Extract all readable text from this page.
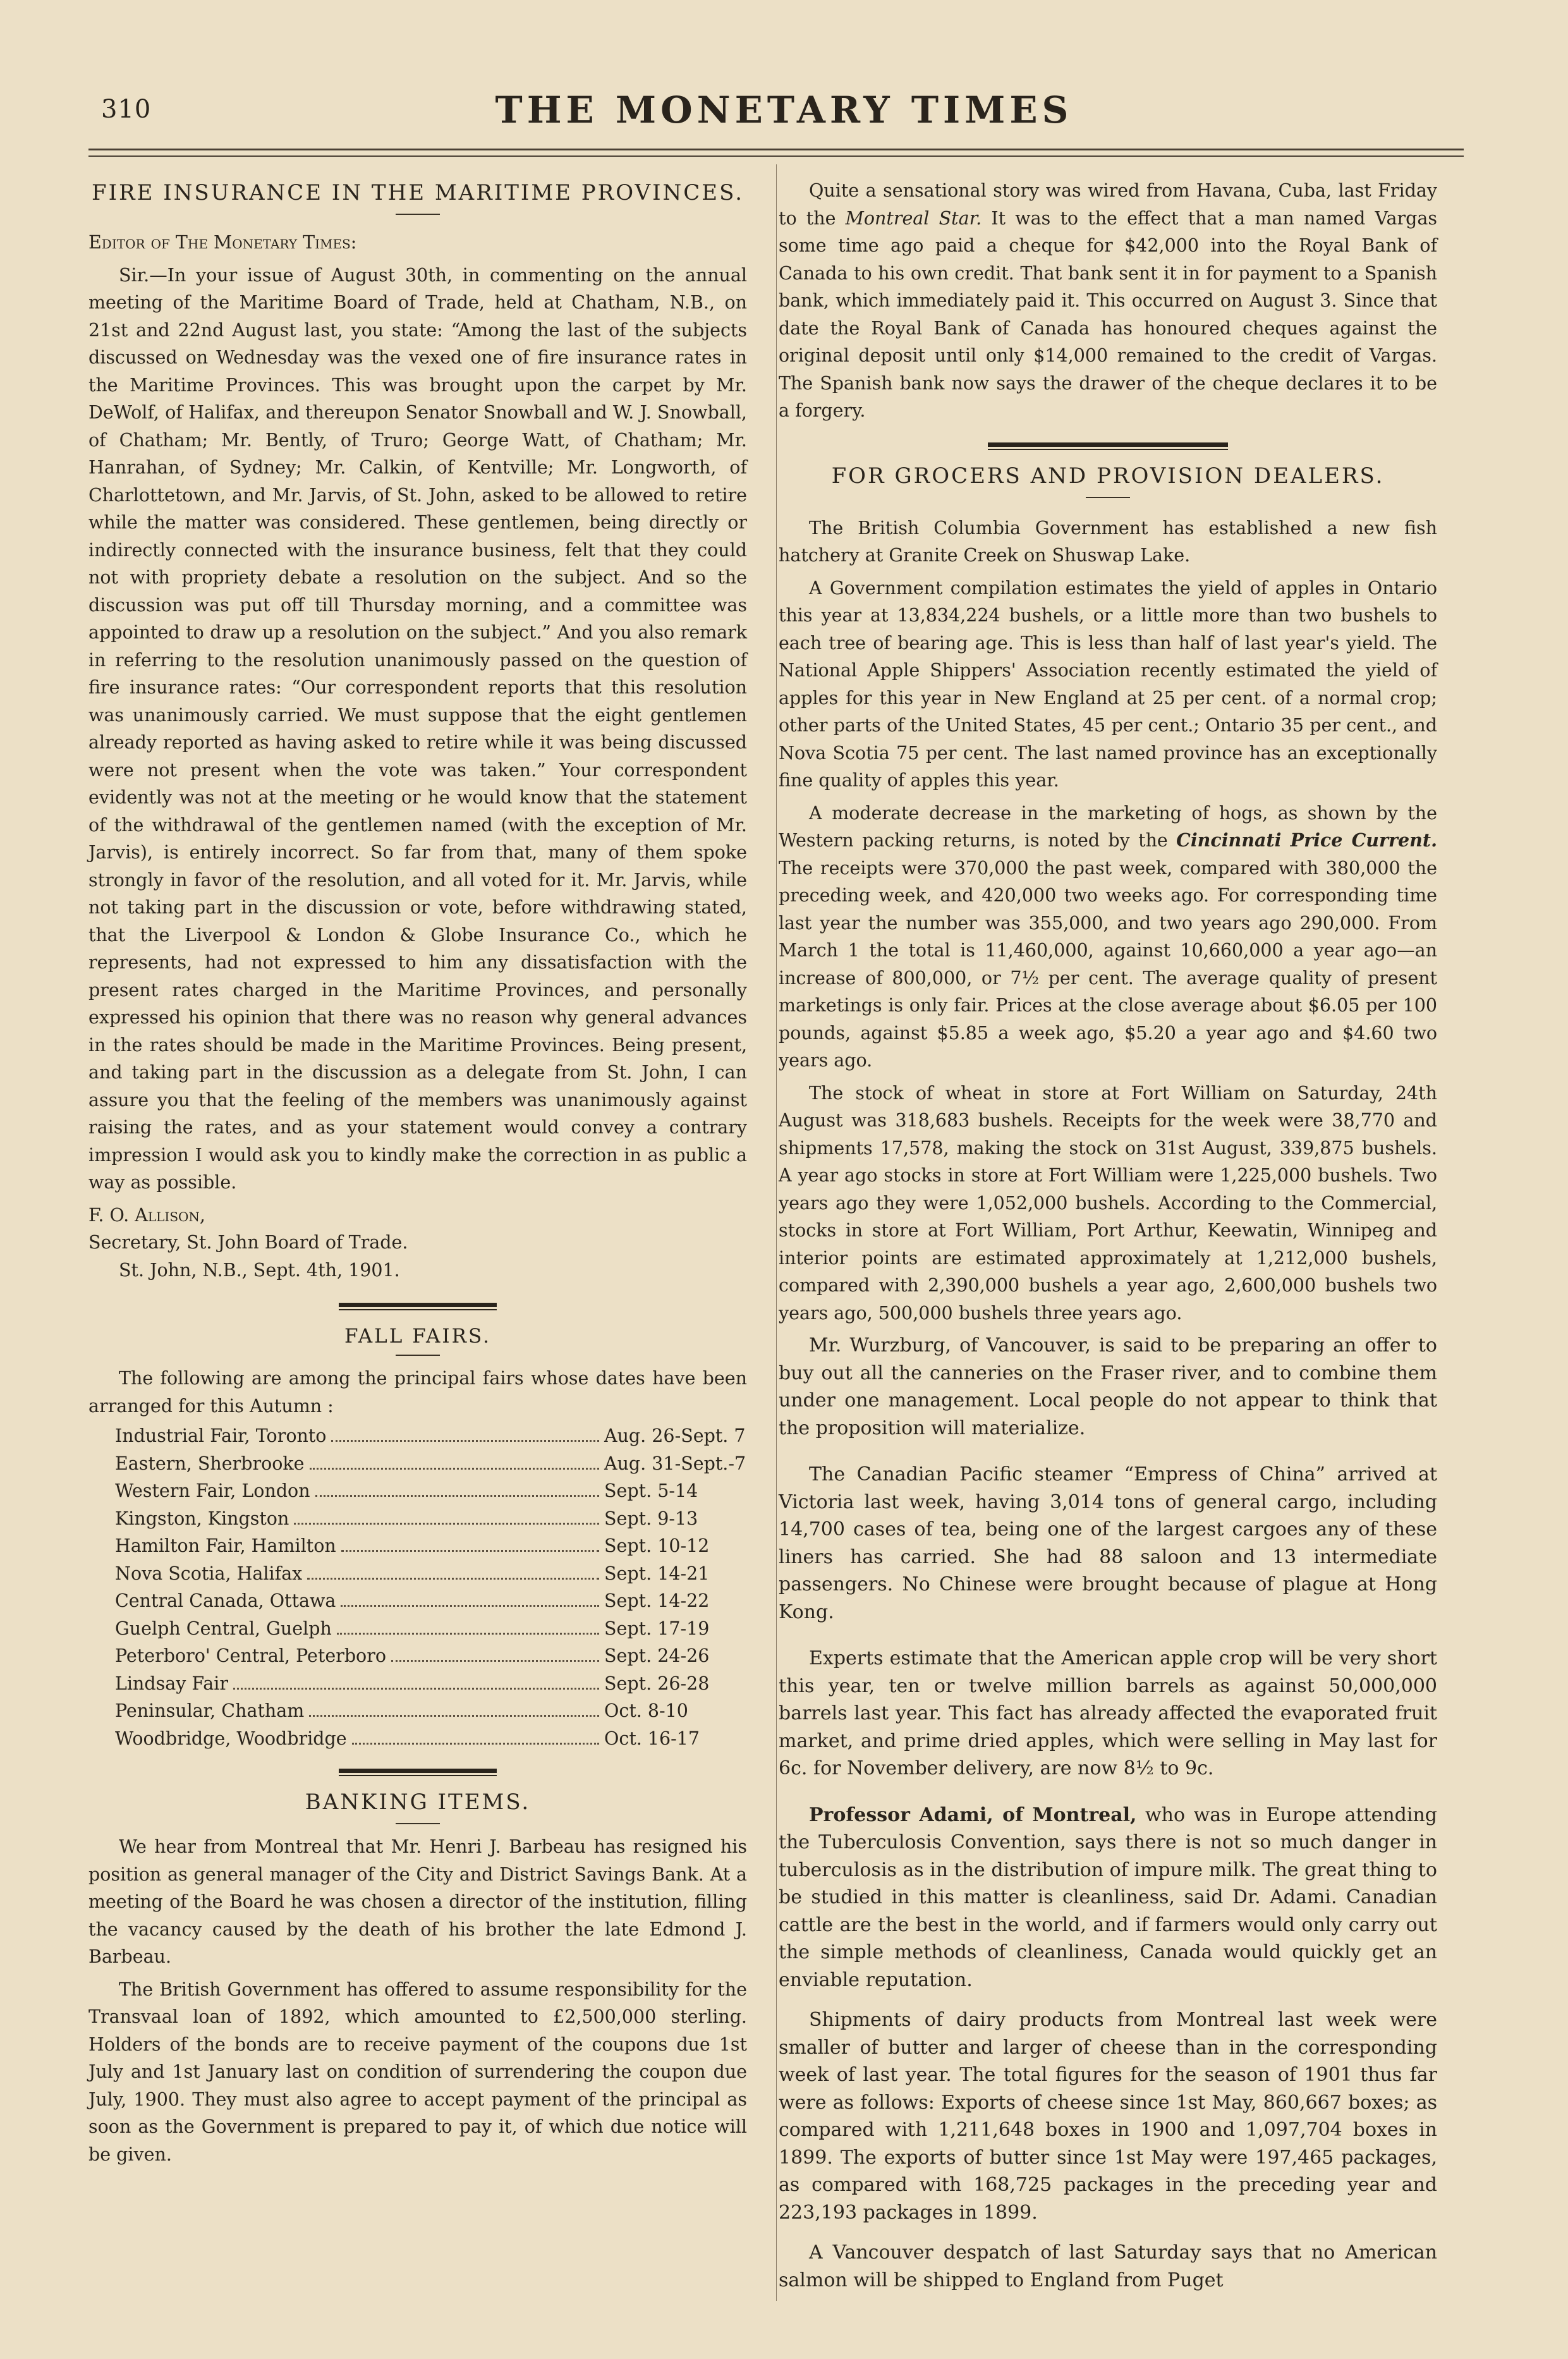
310	THE MONETARY TIMES
FIRE INSURANCE IN THE MARITIME PROVINCES.

Editor of The Monetary Times:

Sir.—In your issue of August 30th, in commenting on the annual meeting of the Maritime Board of Trade, held at Chatham, N.B., on 21st and 22nd August last, you state: “Among the last of the subjects discussed on Wednesday was the vexed one of fire insurance rates in the Maritime Provinces. This was brought upon the carpet by Mr. DeWolf, of Halifax, and thereupon Senator Snowball and W. J. Snowball, of Chatham; Mr. Bently, of Truro; George Watt, of Chatham; Mr. Hanrahan, of Sydney; Mr. Calkin, of Kentville; Mr. Longworth, of Charlottetown, and Mr. Jarvis, of St. John, asked to be allowed to retire while the matter was considered. These gentlemen, being directly or indirectly connected with the insurance business, felt that they could not with propriety debate a resolution on the subject. And so the discussion was put off till Thursday morning, and a committee was appointed to draw up a resolution on the subject.” And you also remark in referring to the resolution unanimously passed on the question of fire insurance rates: “Our correspondent reports that this resolution was unanimously carried. We must suppose that the eight gentlemen already reported as having asked to retire while it was being discussed were not present when the vote was taken.” Your correspondent evidently was not at the meeting or he would know that the statement of the withdrawal of the gentlemen named (with the exception of Mr. Jarvis), is entirely incorrect. So far from that, many of them spoke strongly in favor of the resolution, and all voted for it. Mr. Jarvis, while not taking part in the discussion or vote, before withdrawing stated, that the Liverpool & London & Globe Insurance Co., which he represents, had not expressed to him any dissatisfaction with the present rates charged in the Maritime Provinces, and personally expressed his opinion that there was no reason why general advances in the rates should be made in the Maritime Provinces. Being present, and taking part in the discussion as a delegate from St. John, I can assure you that the feeling of the members was unanimously against raising the rates, and as your statement would convey a contrary impression I would ask you to kindly make the correction in as public a way as possible.

F. O. Allison,

Secretary, St. John Board of Trade.

St. John, N.B., Sept. 4th, 1901.

FALL FAIRS.

The following are among the principal fairs whose dates have been arranged for this Autumn :

Industrial Fair, Toronto	Aug. 26-Sept. 7
Eastern, Sherbrooke	Aug. 31-Sept.-7
Western Fair, London	Sept. 5-14
Kingston, Kingston	Sept. 9-13
Hamilton Fair, Hamilton	Sept. 10-12
Nova Scotia, Halifax	Sept. 14-21
Central Canada, Ottawa	Sept. 14-22
Guelph Central, Guelph	Sept. 17-19
Peterboro' Central, Peterboro	Sept. 24-26
Lindsay Fair	Sept. 26-28
Peninsular, Chatham	Oct. 8-10
Woodbridge, Woodbridge	Oct. 16-17
BANKING ITEMS.

We hear from Montreal that Mr. Henri J. Barbeau has resigned his position as general manager of the City and District Savings Bank. At a meeting of the Board he was chosen a director of the institution, filling the vacancy caused by the death of his brother the late Edmond J. Barbeau.

The British Government has offered to assume responsibility for the Transvaal loan of 1892, which amounted to £2,500,000 sterling. Holders of the bonds are to receive payment of the coupons due 1st July and 1st January last on condition of surrendering the coupon due July, 1900. They must also agree to accept payment of the principal as soon as the Government is prepared to pay it, of which due notice will be given.

Quite a sensational story was wired from Havana, Cuba, last Friday to the Montreal Star. It was to the effect that a man named Vargas some time ago paid a cheque for $42,000 into the Royal Bank of Canada to his own credit. That bank sent it in for payment to a Spanish bank, which immediately paid it. This occurred on August 3. Since that date the Royal Bank of Canada has honoured cheques against the original deposit until only $14,000 remained to the credit of Vargas. The Spanish bank now says the drawer of the cheque declares it to be a forgery.

FOR GROCERS AND PROVISION DEALERS.

The British Columbia Government has established a new fish hatchery at Granite Creek on Shuswap Lake.

A Government compilation estimates the yield of apples in Ontario this year at 13,834,224 bushels, or a little more than two bushels to each tree of bearing age. This is less than half of last year's yield. The National Apple Shippers' Association recently estimated the yield of apples for this year in New England at 25 per cent. of a normal crop; other parts of the United States, 45 per cent.; Ontario 35 per cent., and Nova Scotia 75 per cent. The last named province has an exceptionally fine quality of apples this year.

A moderate decrease in the marketing of hogs, as shown by the Western packing returns, is noted by the Cincinnati Price Current. The receipts were 370,000 the past week, compared with 380,000 the preceding week, and 420,000 two weeks ago. For corresponding time last year the number was 355,000, and two years ago 290,000. From March 1 the total is 11,460,000, against 10,660,000 a year ago—an increase of 800,000, or 7½ per cent. The average quality of present marketings is only fair. Prices at the close average about $6.05 per 100 pounds, against $5.85 a week ago, $5.20 a year ago and $4.60 two years ago.

The stock of wheat in store at Fort William on Saturday, 24th August was 318,683 bushels. Receipts for the week were 38,770 and shipments 17,578, making the stock on 31st August, 339,875 bushels. A year ago stocks in store at Fort William were 1,225,000 bushels. Two years ago they were 1,052,000 bushels. According to the Commercial, stocks in store at Fort William, Port Arthur, Keewatin, Winnipeg and interior points are estimated approximately at 1,212,000 bushels, compared with 2,390,000 bushels a year ago, 2,600,000 bushels two years ago, 500,000 bushels three years ago.

Mr. Wurzburg, of Vancouver, is said to be preparing an offer to buy out all the canneries on the Fraser river, and to combine them under one management. Local people do not appear to think that the proposition will materialize.

The Canadian Pacific steamer “Empress of China” arrived at Victoria last week, having 3,014 tons of general cargo, including 14,700 cases of tea, being one of the largest cargoes any of these liners has carried. She had 88 saloon and 13 intermediate passengers. No Chinese were brought because of plague at Hong Kong.

Experts estimate that the American apple crop will be very short this year, ten or twelve million barrels as against 50,000,000 barrels last year. This fact has already affected the evaporated fruit market, and prime dried apples, which were selling in May last for 6c. for November delivery, are now 8½ to 9c.

Professor Adami, of Montreal, who was in Europe attending the Tuberculosis Convention, says there is not so much danger in tuberculosis as in the distribution of impure milk. The great thing to be studied in this matter is cleanliness, said Dr. Adami. Canadian cattle are the best in the world, and if farmers would only carry out the simple methods of cleanliness, Canada would quickly get an enviable reputation.

Shipments of dairy products from Montreal last week were smaller of butter and larger of cheese than in the corresponding week of last year. The total figures for the season of 1901 thus far were as follows: Exports of cheese since 1st May, 860,667 boxes; as compared with 1,211,648 boxes in 1900 and 1,097,704 boxes in 1899. The exports of butter since 1st May were 197,465 packages, as compared with 168,725 packages in the preceding year and 223,193 packages in 1899.

A Vancouver despatch of last Saturday says that no American salmon will be shipped to England from Puget
